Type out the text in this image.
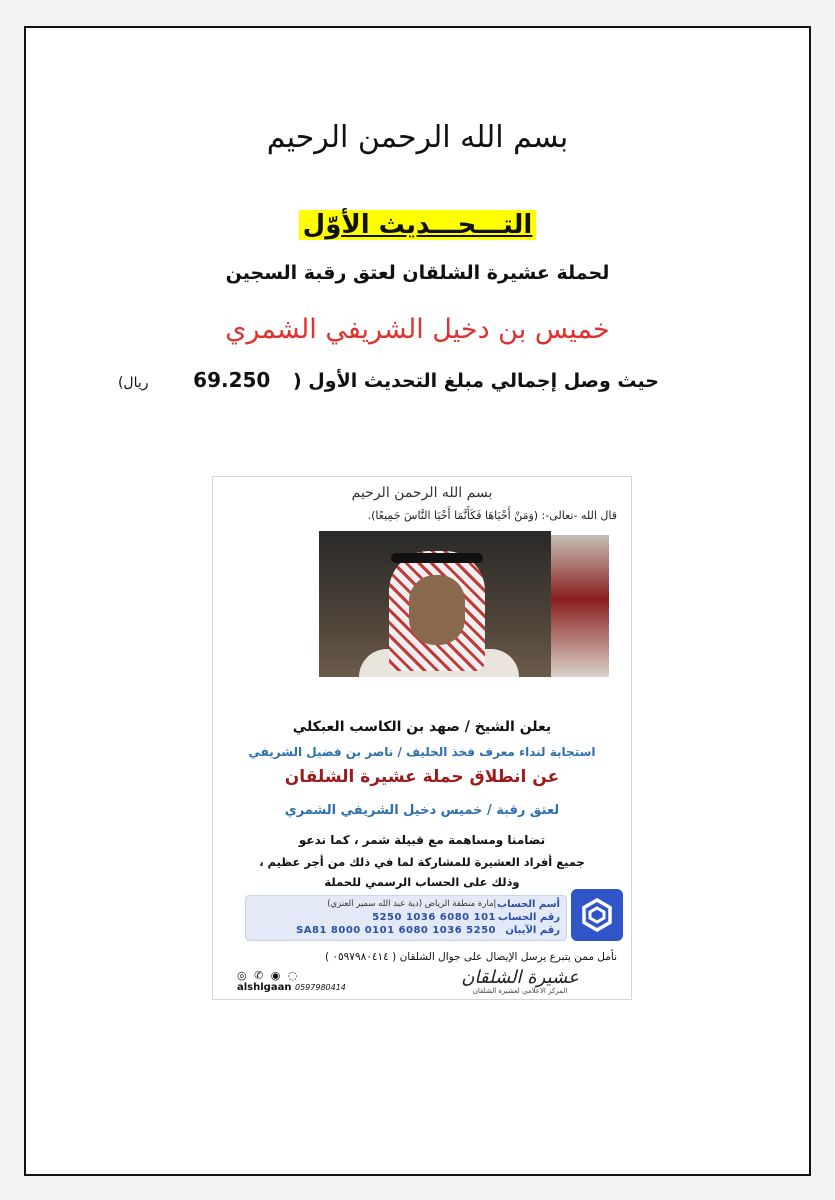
بسم الله الرحمن الرحيم
التـــحـــديث الأوّل
لحملة عشيرة الشلقان لعتق رقبة السجين
خميس بن دخيل الشريفي الشمري
حيث وصل إجمالي مبلغ التحديث الأول ( 69.250 ريال)
بسم الله الرحمن الرحيم
قال الله -تعالى-: (وَمَنْ أَحْيَاهَا فَكَأَنَّمَا أَحْيَا النَّاسَ جَمِيعًا).
يعلن الشيخ / صهد بن الكاسب العبكلي
استجابة لنداء معرف فخذ الخليف / ناصر بن فضيل الشريفي
عن انطلاق حملة عشيرة الشلقان
لعتق رقبة / خميس دخيل الشريفي الشمري
تضامنا ومساهمة مع قبيلة شمر ، كما ندعو
جميع أفراد العشيرة للمشاركة لما في ذلك من أجر عظيم ،
وذلك على الحساب الرسمي للحملة
أسم الحساب
إمارة منطقة الرياض (دية عبد الله سمير العنزي)
رقم الحساب
101 6080 1036 5250
رقم الآيبان
SA81 8000 0101 6080 1036 5250
نأمل ممن يتبرع يرسل الإيصال على جوال الشلقان ( ٠٥٩٧٩٨٠٤١٤ )
عشيرة الشلقان
المركز الاعلامي لعشيرة الشلقان
◎ ✆ ◉ ◌
alshlgaan 0597980414
